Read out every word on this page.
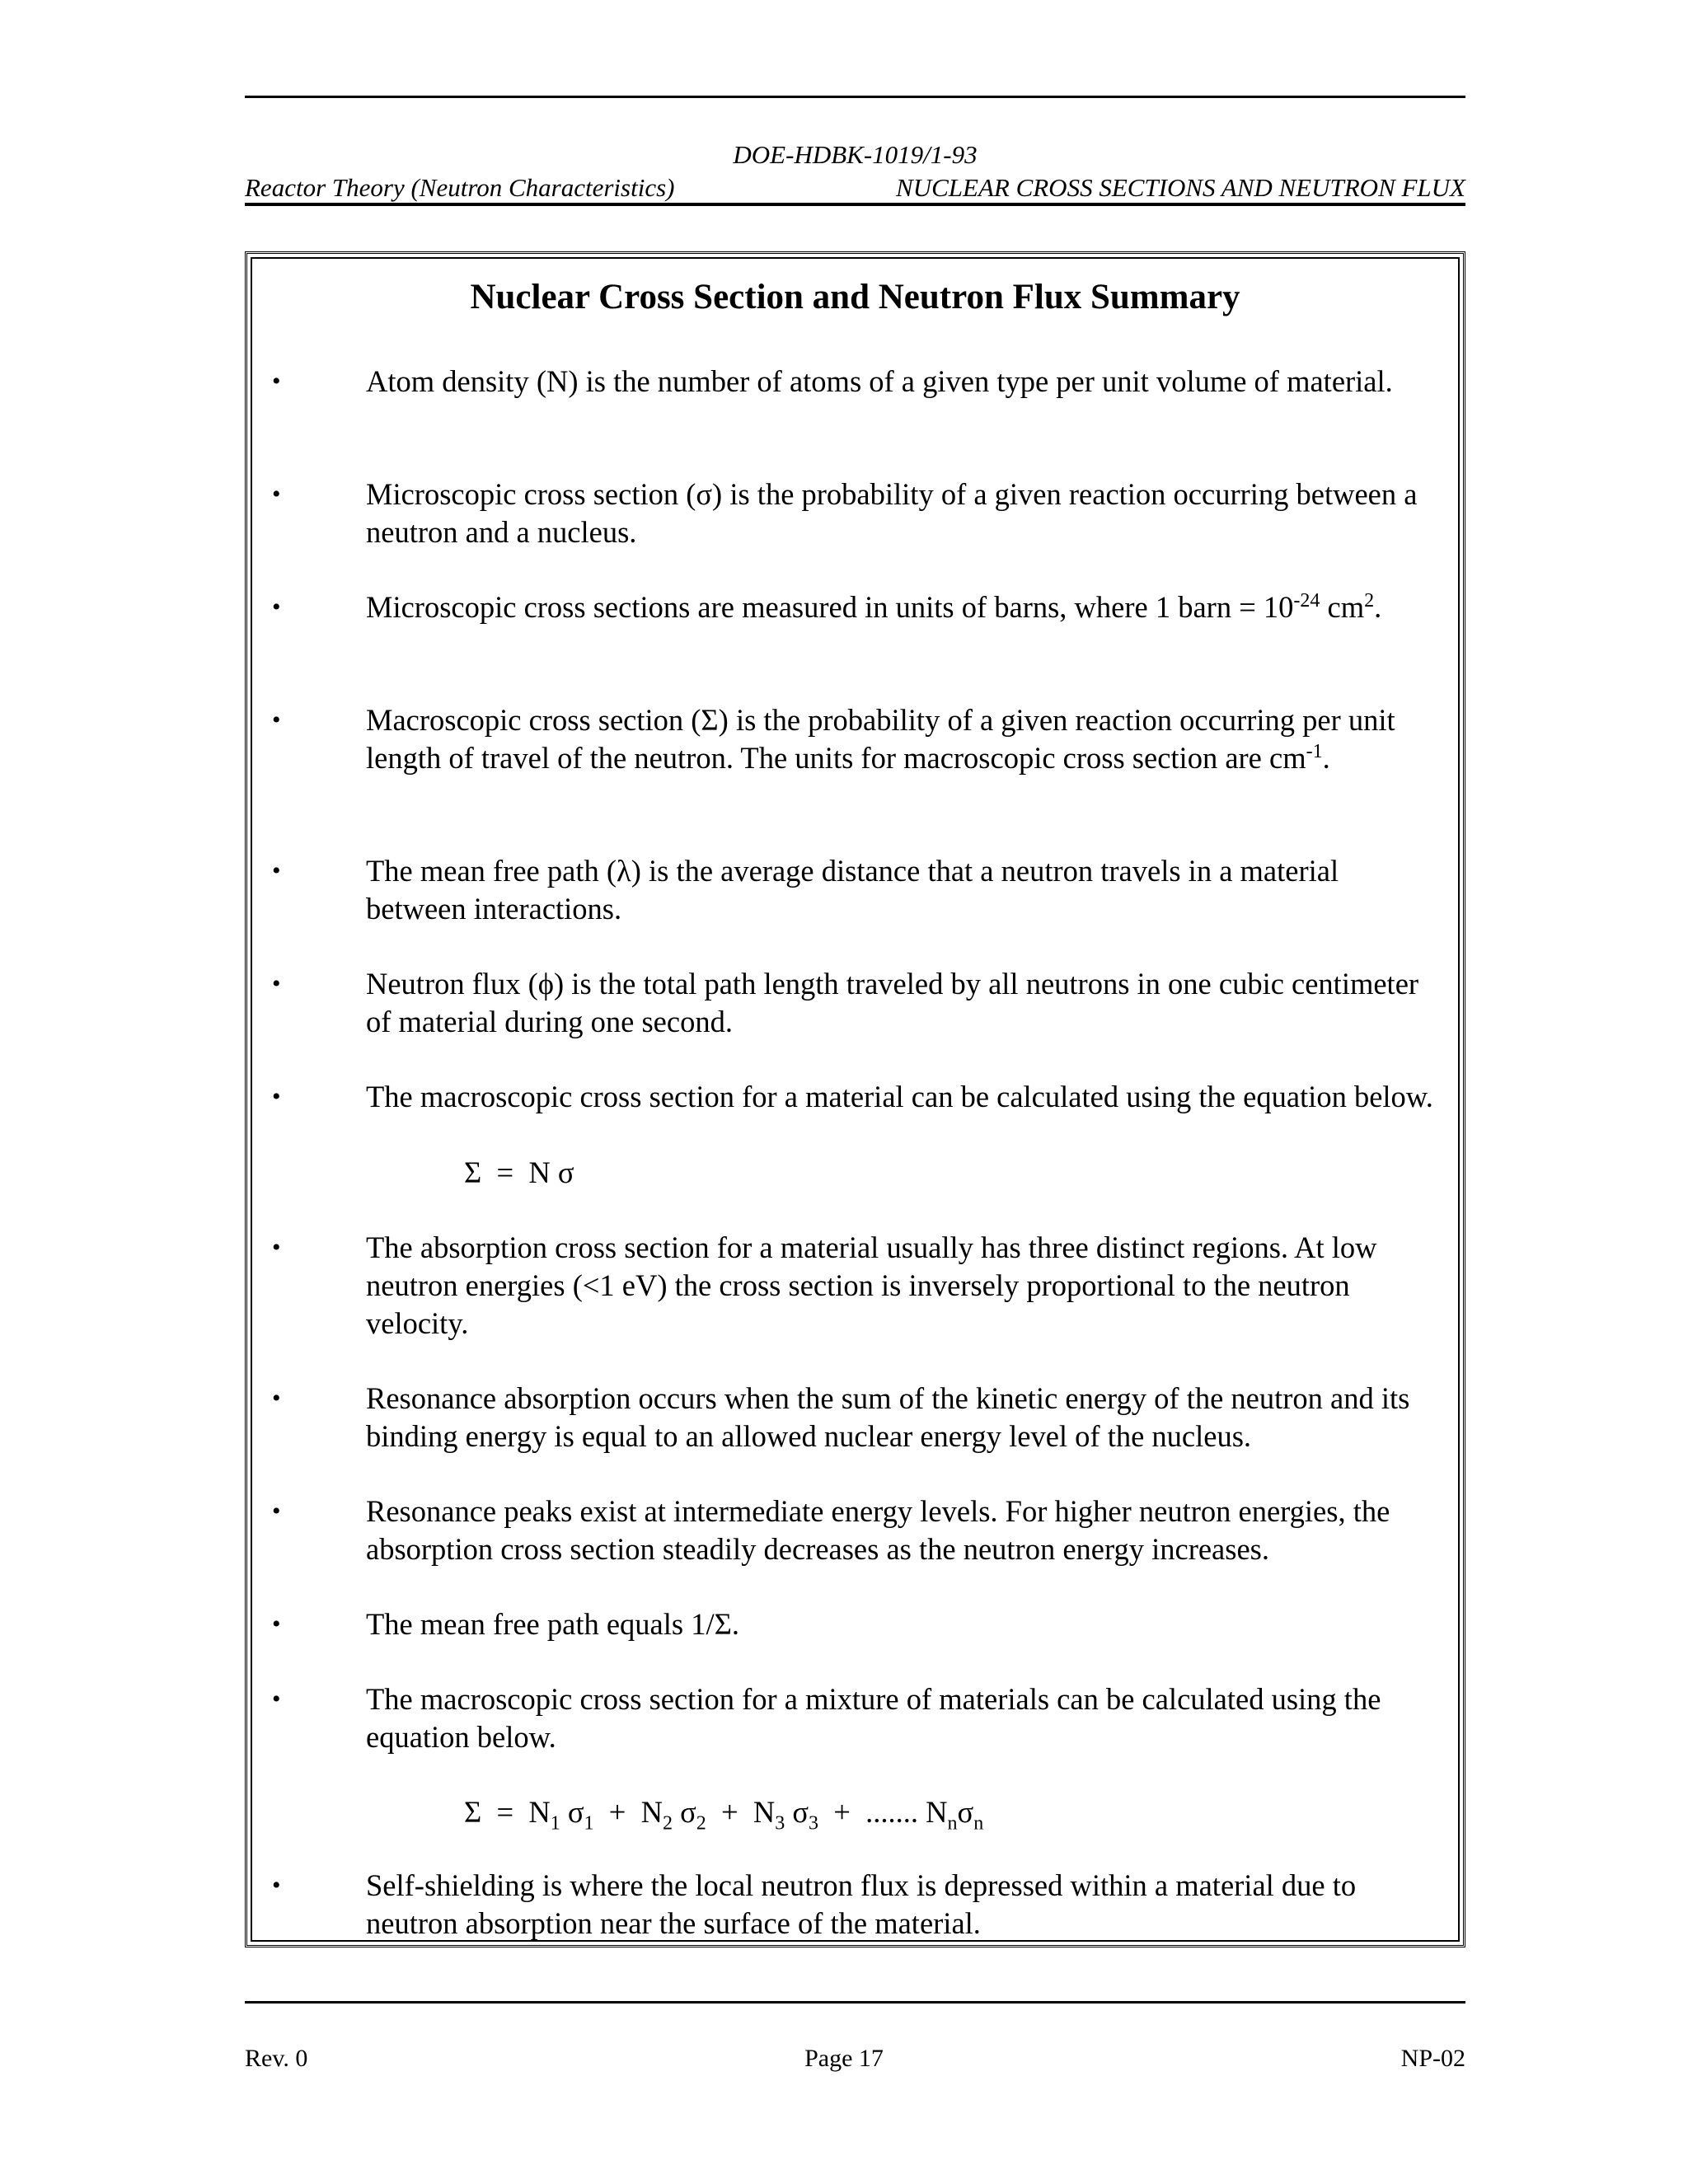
DOE-HDBK-1019/1-93
Reactor Theory (Neutron Characteristics)	NUCLEAR CROSS SECTIONS AND NEUTRON FLUX
Nuclear Cross Section and Neutron Flux Summary
•	Atom density (N) is the number of atoms of a given type per unit volume of material.

•	Microscopic cross section (σ) is the probability of a given reaction occurring between a neutron and a nucleus.

•	Microscopic cross sections are measured in units of barns, where 1 barn = $10^{-24}$ $cm^2$.

•	Macroscopic cross section (Σ) is the probability of a given reaction occurring per unit length of travel of the neutron. The units for macroscopic cross section are $cm^{-1}$.

•	The mean free path (λ) is the average distance that a neutron travels in a material between interactions.

•	Neutron flux (ϕ) is the total path length traveled by all neutrons in one cubic centimeter of material during one second.

•	The macroscopic cross section for a material can be calculated using the equation below.

Σ  =  N σ
•	The absorption cross section for a material usually has three distinct regions. At low neutron energies (<1 eV) the cross section is inversely proportional to the neutron velocity.

•	Resonance absorption occurs when the sum of the kinetic energy of the neutron and its binding energy is equal to an allowed nuclear energy level of the nucleus.

•	Resonance peaks exist at intermediate energy levels. For higher neutron energies, the absorption cross section steadily decreases as the neutron energy increases.

•	The mean free path equals 1/Σ.

•	The macroscopic cross section for a mixture of materials can be calculated using the equation below.

$\Sigma = N_1$ $\sigma_1 + N_2$ $\sigma_2 + N_3$ $\sigma_3$  +  ....... $N_n\sigma_n$
•	Self-shielding is where the local neutron flux is depressed within a material due to neutron absorption near the surface of the material.

Rev. 0	Page 17	NP-02
